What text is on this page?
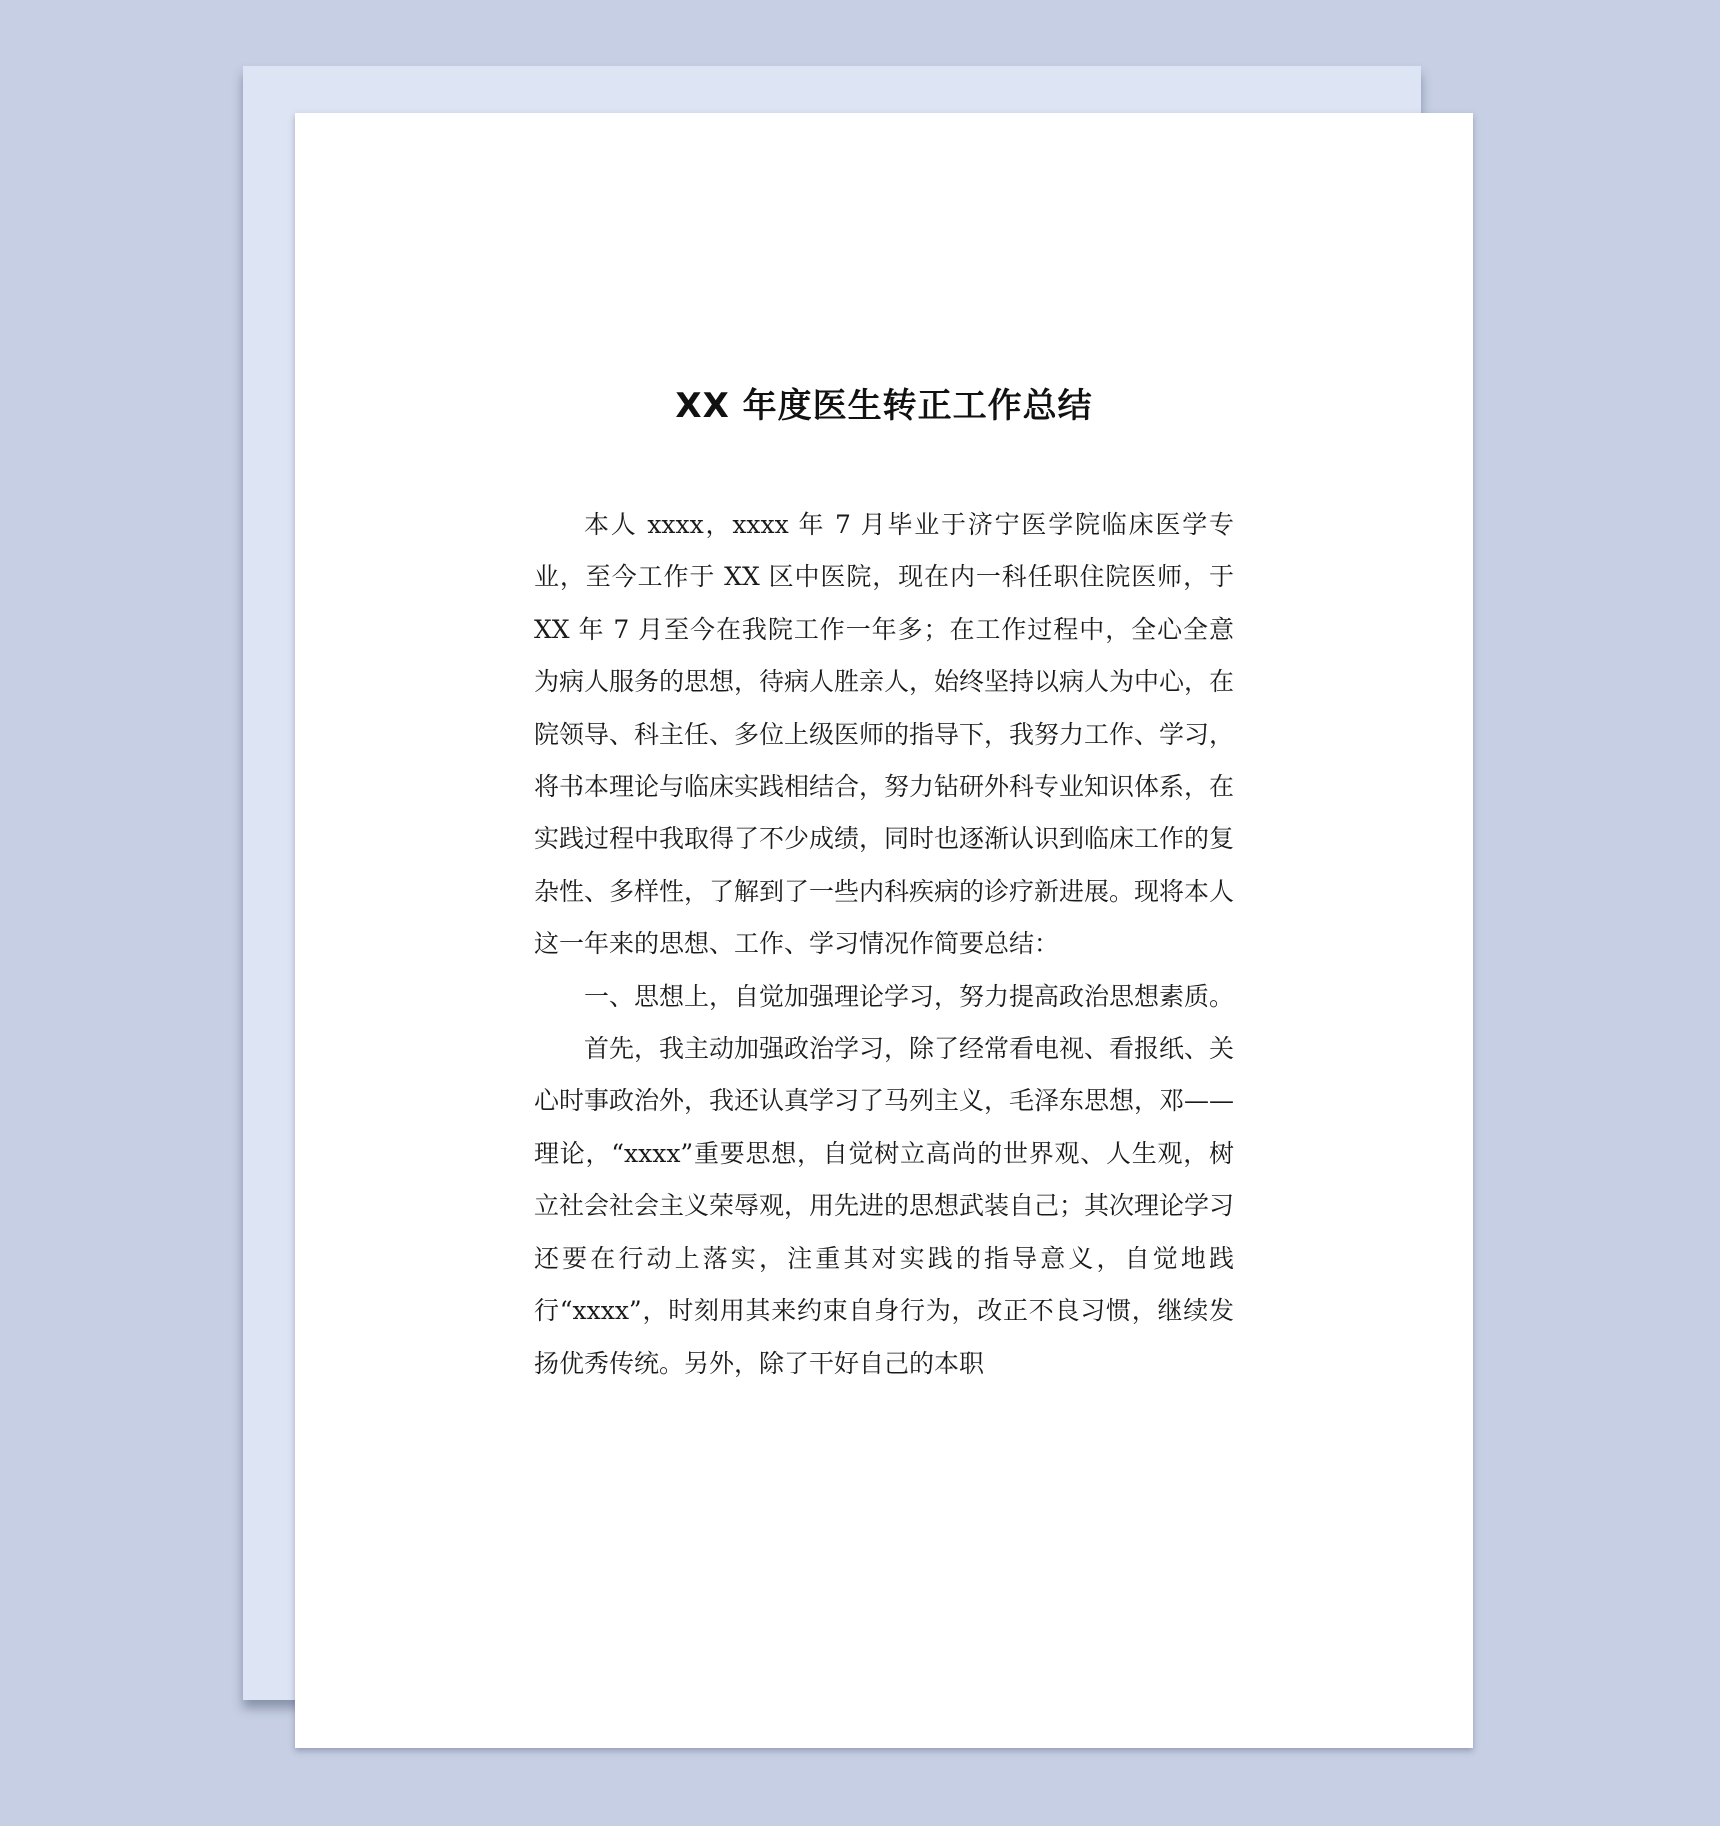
XX 年度医生转正工作总结

本人 xxxx，xxxx 年 7 月毕业于济宁医学院临床医学专业，至今工作于 XX 区中医院，现在内一科任职住院医师，于 XX 年 7 月至今在我院工作一年多；在工作过程中，全心全意为病人服务的思想，待病人胜亲人，始终坚持以病人为中心，在院领导、科主任、多位上级医师的指导下，我努力工作、学习，将书本理论与临床实践相结合，努力钻研外科专业知识体系，在实践过程中我取得了不少成绩，同时也逐渐认识到临床工作的复杂性、多样性，了解到了一些内科疾病的诊疗新进展。现将本人这一年来的思想、工作、学习情况作简要总结：

一、思想上，自觉加强理论学习，努力提高政治思想素质。

首先，我主动加强政治学习，除了经常看电视、看报纸、关心时事政治外，我还认真学习了马列主义，毛泽东思想，邓——理论，“xxxx”重要思想，自觉树立高尚的世界观、人生观，树立社会社会主义荣辱观，用先进的思想武装自己；其次理论学习还要在行动上落实，注重其对实践的指导意义，自觉地践行“xxxx”，时刻用其来约束自身行为，改正不良习惯，继续发扬优秀传统。另外，除了干好自己的本职
